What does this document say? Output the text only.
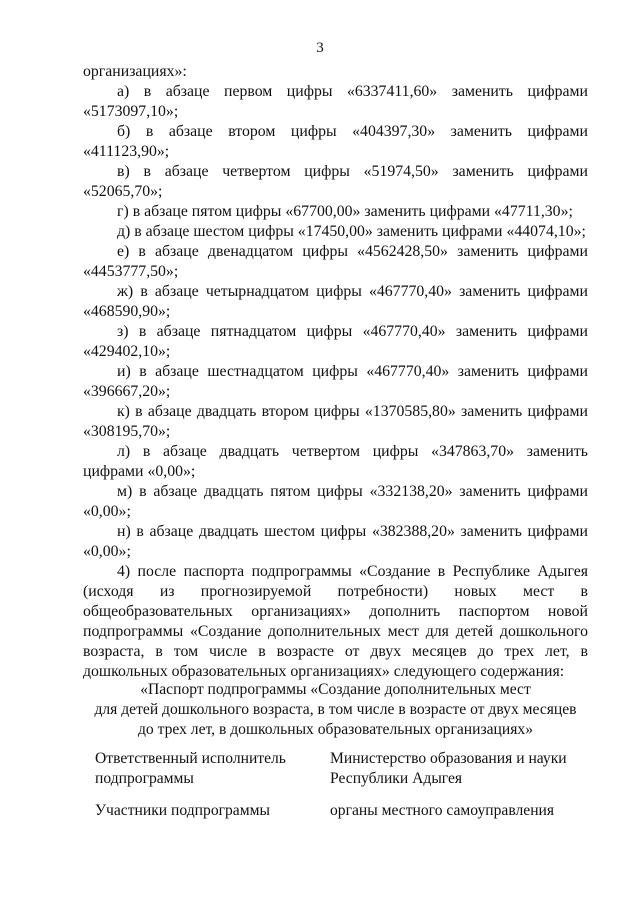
3

организациях»:

а) в абзаце первом цифры «6337411,60» заменить цифрами «5173097,10»;

б) в абзаце втором цифры «404397,30» заменить цифрами «411123,90»;

в) в абзаце четвертом цифры «51974,50» заменить цифрами «52065,70»;

г) в абзаце пятом цифры «67700,00» заменить цифрами «47711,30»;

д) в абзаце шестом цифры «17450,00» заменить цифрами «44074,10»;

е) в абзаце двенадцатом цифры «4562428,50» заменить цифрами «4453777,50»;

ж) в абзаце четырнадцатом цифры «467770,40» заменить цифрами «468590,90»;

з) в абзаце пятнадцатом цифры «467770,40» заменить цифрами «429402,10»;

и) в абзаце шестнадцатом цифры «467770,40» заменить цифрами «396667,20»;

к) в абзаце двадцать втором цифры «1370585,80» заменить цифрами «308195,70»;

л) в абзаце двадцать четвертом цифры «347863,70» заменить цифрами «0,00»;

м) в абзаце двадцать пятом цифры «332138,20» заменить цифрами «0,00»;

н) в абзаце двадцать шестом цифры «382388,20» заменить цифрами «0,00»;

4) после паспорта подпрограммы «Создание в Республике Адыгея (исходя из прогнозируемой потребности) новых мест в общеобразовательных организациях» дополнить паспортом новой подпрограммы «Создание дополнительных мест для детей дошкольного возраста, в том числе в возрасте от двух месяцев до трех лет, в дошкольных образовательных организациях» следующего содержания:

«Паспорт подпрограммы «Создание дополнительных мест
для детей дошкольного возраста, в том числе в возрасте от двух месяцев
до трех лет, в дошкольных образовательных организациях»
Ответственный исполнитель подпрограммы
Министерство образования и науки Республики Адыгея
Участники подпрограммы	органы местного самоуправления
